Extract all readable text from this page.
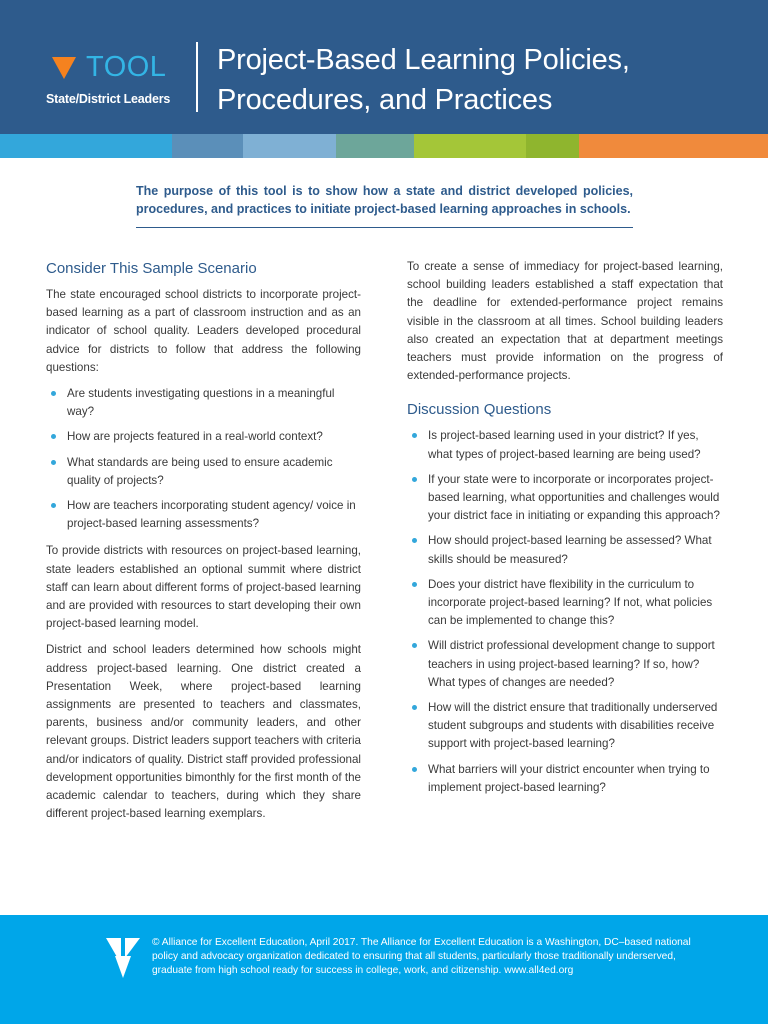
TOOL
State/District Leaders
Project-Based Learning Policies,
Procedures, and Practices
The purpose of this tool is to show how a state and district developed policies, procedures, and practices to initiate project-based learning approaches in schools.
Consider This Sample Scenario

The state encouraged school districts to incorporate project-based learning as a part of classroom instruction and as an indicator of school quality. Leaders developed procedural advice for districts to follow that address the following questions:

Are students investigating questions in a meaningful way?
How are projects featured in a real-world context?
What standards are being used to ensure academic quality of projects?
How are teachers incorporating student agency/ voice in project-based learning assessments?

To provide districts with resources on project-based learning, state leaders established an optional summit where district staff can learn about different forms of project-based learning and are provided with resources to start developing their own project-based learning model.

District and school leaders determined how schools might address project-based learning. One district created a Presentation Week, where project-based learning assignments are presented to teachers and classmates, parents, business and/or community leaders, and other relevant groups. District leaders support teachers with criteria and/or indicators of quality. District staff provided professional development opportunities bimonthly for the first month of the academic calendar to teachers, during which they share different project-based learning exemplars.

To create a sense of immediacy for project-based learning, school building leaders established a staff expectation that the deadline for extended-performance project remains visible in the classroom at all times. School building leaders also created an expectation that at department meetings teachers must provide information on the progress of extended-performance projects.

Discussion Questions
Is project-based learning used in your district? If yes, what types of project-based learning are being used?
If your state were to incorporate or incorporates project-based learning, what opportunities and challenges would your district face in initiating or expanding this approach?
How should project-based learning be assessed? What skills should be measured?
Does your district have flexibility in the curriculum to incorporate project-based learning? If not, what policies can be implemented to change this?
Will district professional development change to support teachers in using project-based learning? If so, how? What types of changes are needed?
How will the district ensure that traditionally underserved student subgroups and students with disabilities receive support with project-based learning?
What barriers will your district encounter when trying to implement project-based learning?
© Alliance for Excellent Education, April 2017. The Alliance for Excellent Education is a Washington, DC–based national policy and advocacy organization dedicated to ensuring that all students, particularly those traditionally underserved, graduate from high school ready for success in college, work, and citizenship. www.all4ed.org
